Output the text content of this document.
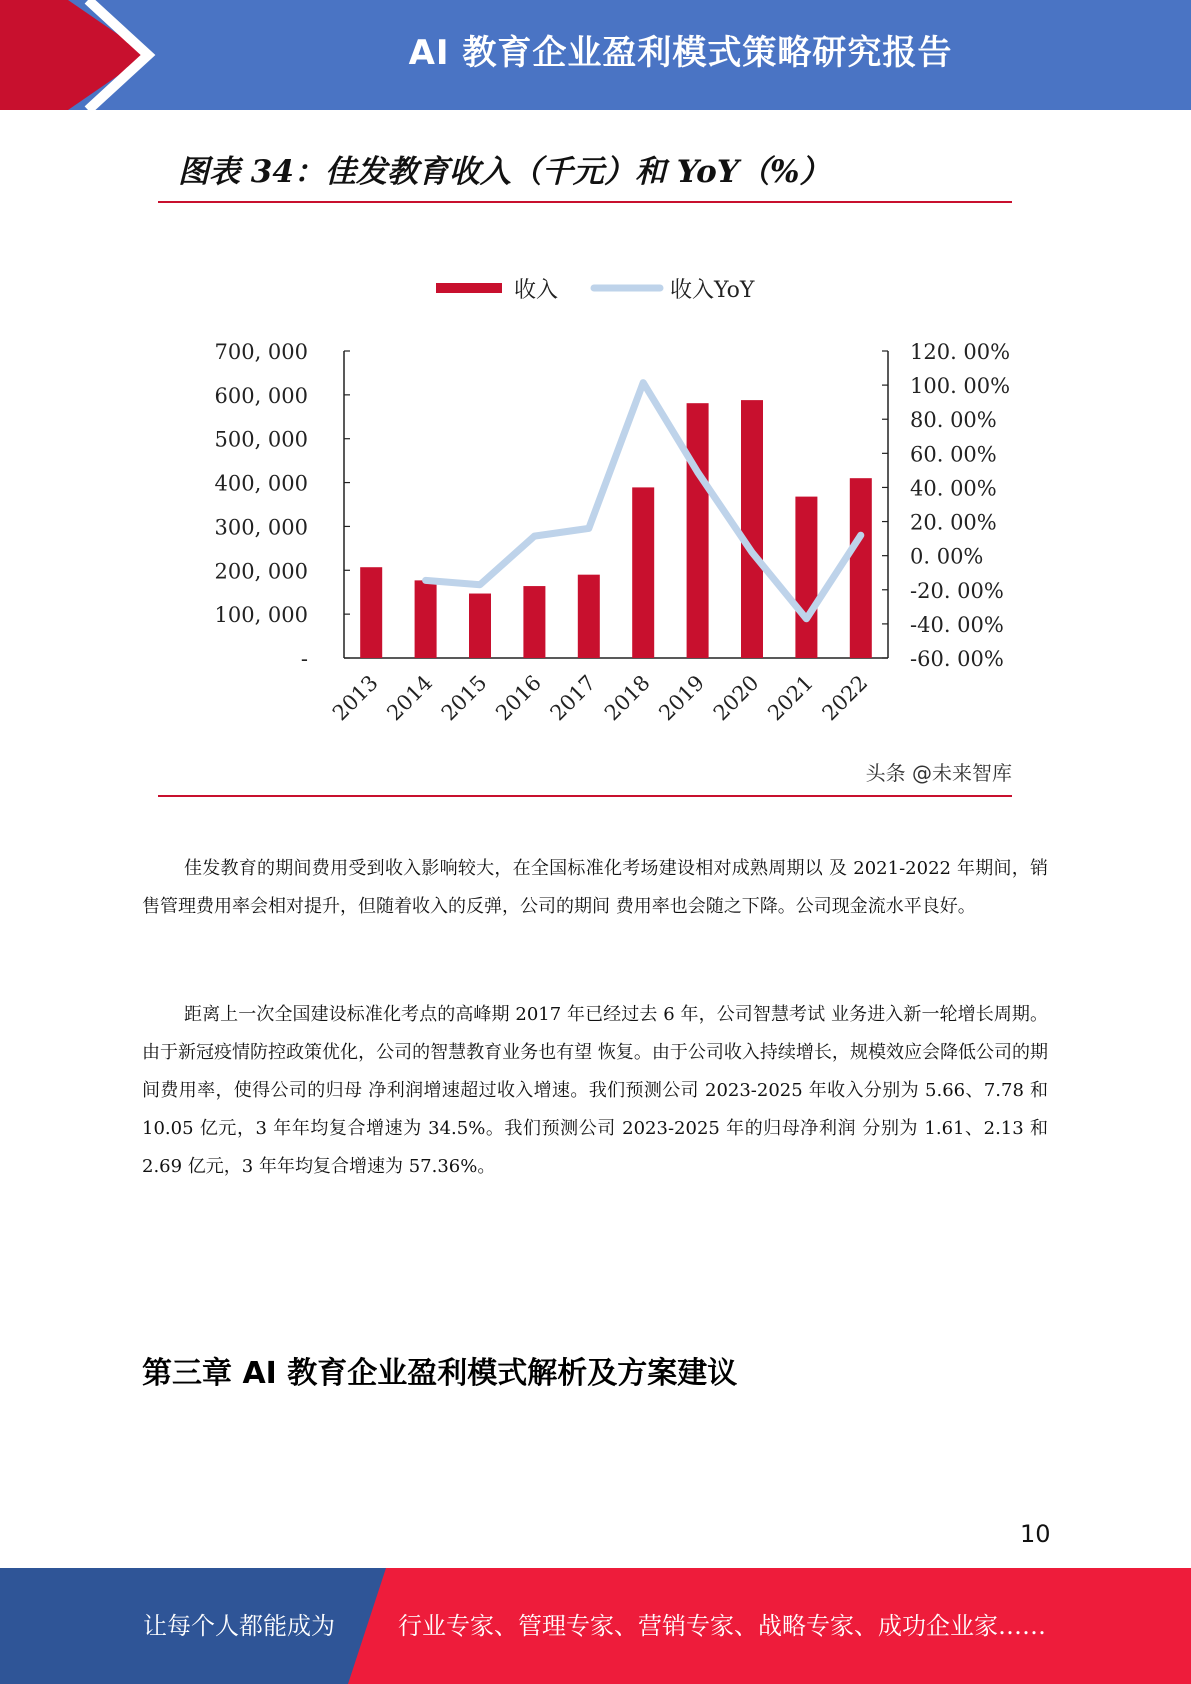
AI 教育企业盈利模式策略研究报告
图表 34：佳发教育收入（千元）和 YoY（%）
收入	收入YoY
-
100, 000
200, 000
300, 000
400, 000
500, 000
600, 000
700, 000
-60. 00%
-40. 00%
-20. 00%
0. 00%
20. 00%
40. 00%
60. 00%
80. 00%
100. 00%
120. 00%
2013 2014 2015 2016 2017 2018 2019 2020 2021 2022
头条 @未来智库

佳发教育的期间费用受到收入影响较大，在全国标准化考场建设相对成熟周期以 及 2021-2022 年期间，销售管理费用率会相对提升，但随着收入的反弹，公司的期间 费用率也会随之下降。公司现金流水平良好。

距离上一次全国建设标准化考点的高峰期 2017 年已经过去 6 年，公司智慧考试 业务进入新一轮增长周期。由于新冠疫情防控政策优化，公司的智慧教育业务也有望 恢复。由于公司收入持续增长，规模效应会降低公司的期间费用率，使得公司的归母 净利润增速超过收入增速。我们预测公司 2023-2025 年收入分别为 5.66、7.78 和 10.05 亿元，3 年年均复合增速为 34.5%。我们预测公司 2023-2025 年的归母净利润 分别为 1.61、2.13 和 2.69 亿元，3 年年均复合增速为 57.36%。

第三章 AI 教育企业盈利模式解析及方案建议
10
让每个人都能成为	行业专家、管理专家、营销专家、战略专家、成功企业家……
